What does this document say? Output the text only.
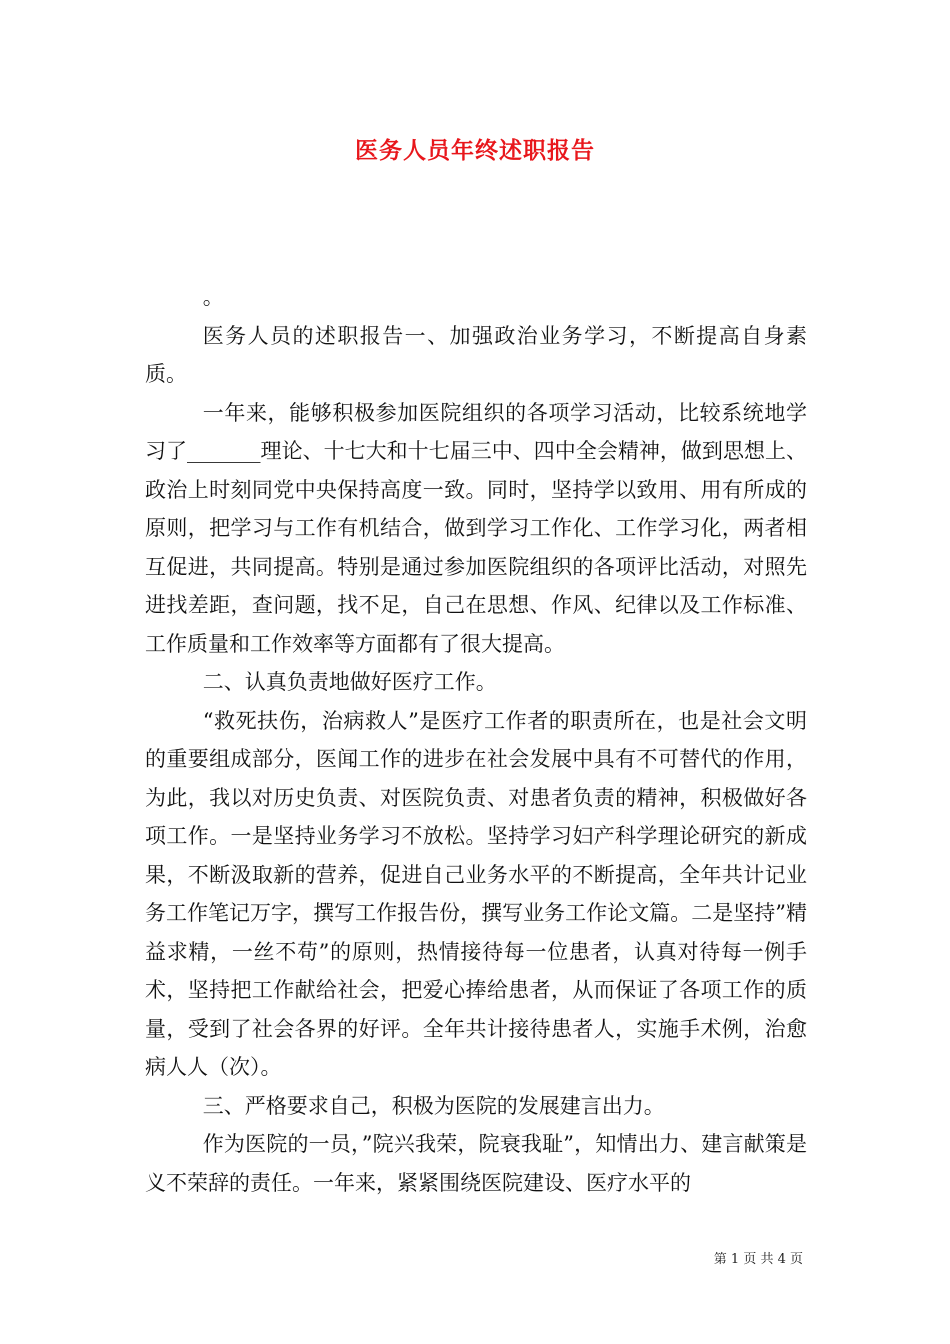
医务人员年终述职报告

。

医务人员的述职报告一、加强政治业务学习，不断提高自身素质。

一年来，能够积极参加医院组织的各项学习活动，比较系统地学习了_______理论、十七大和十七届三中、四中全会精神，做到思想上、政治上时刻同党中央保持高度一致。同时，坚持学以致用、用有所成的原则，把学习与工作有机结合，做到学习工作化、工作学习化，两者相互促进，共同提高。特别是通过参加医院组织的各项评比活动，对照先进找差距，查问题，找不足，自己在思想、作风、纪律以及工作标准、工作质量和工作效率等方面都有了很大提高。

二、认真负责地做好医疗工作。

“救死扶伤，治病救人”是医疗工作者的职责所在，也是社会文明的重要组成部分，医闻工作的进步在社会发展中具有不可替代的作用，为此，我以对历史负责、对医院负责、对患者负责的精神，积极做好各项工作。一是坚持业务学习不放松。坚持学习妇产科学理论研究的新成果，不断汲取新的营养，促进自己业务水平的不断提高，全年共计记业务工作笔记万字，撰写工作报告份，撰写业务工作论文篇。二是坚持”精益求精，一丝不苟”的原则，热情接待每一位患者，认真对待每一例手术，坚持把工作献给社会，把爱心捧给患者，从而保证了各项工作的质量，受到了社会各界的好评。全年共计接待患者人，实施手术例，治愈病人人（次）。

三、严格要求自己，积极为医院的发展建言出力。

作为医院的一员，”院兴我荣，院衰我耻”，知情出力、建言献策是义不荣辞的责任。一年来，紧紧围绕医院建设、医疗水平的

第 1 页 共 4 页
